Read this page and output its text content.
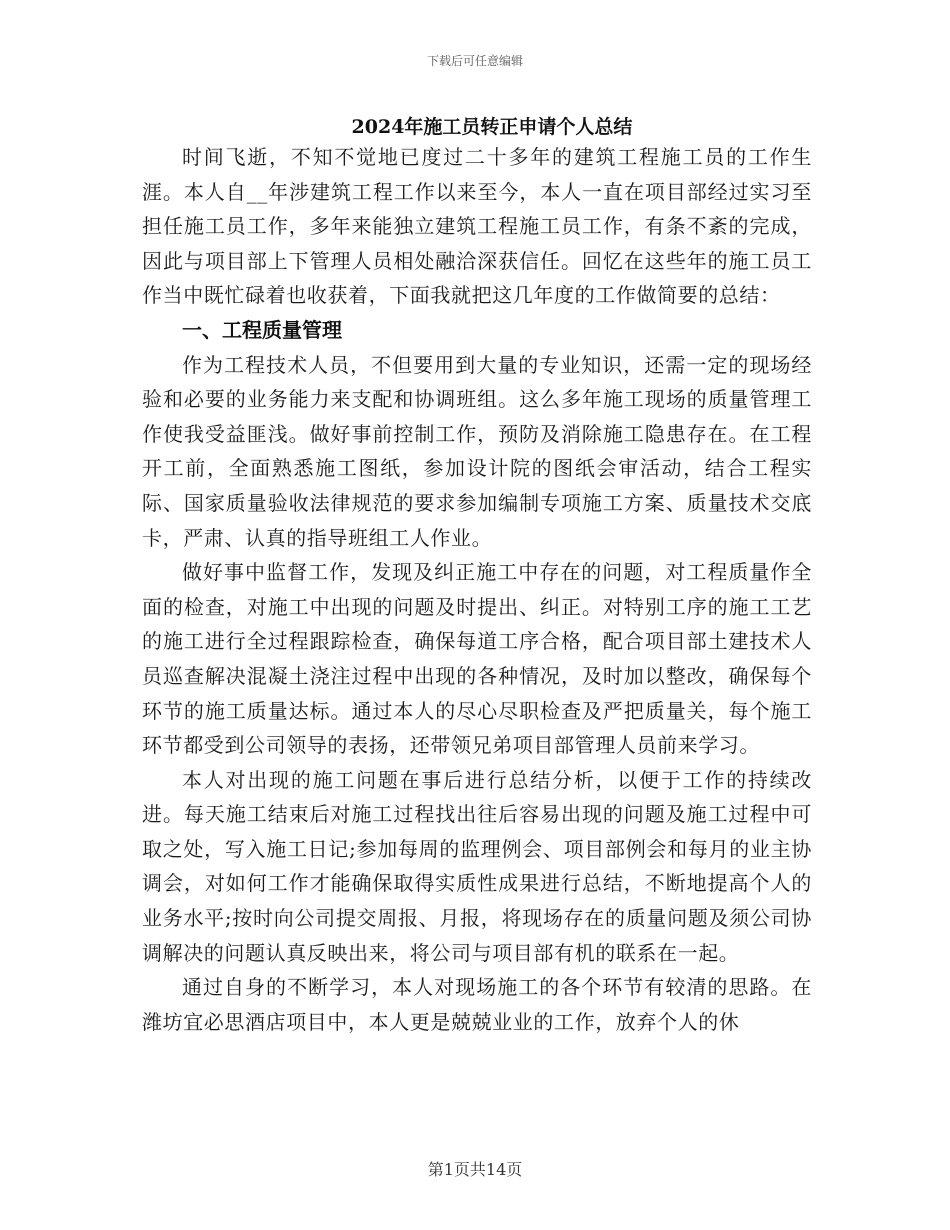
下载后可任意编辑
2024年施工员转正申请个人总结

时间飞逝，不知不觉地已度过二十多年的建筑工程施工员的工作生涯。本人自__年涉建筑工程工作以来至今，本人一直在项目部经过实习至担任施工员工作，多年来能独立建筑工程施工员工作，有条不紊的完成，因此与项目部上下管理人员相处融洽深获信任。回忆在这些年的施工员工作当中既忙碌着也收获着，下面我就把这几年度的工作做简要的总结：

一、工程质量管理

作为工程技术人员，不但要用到大量的专业知识，还需一定的现场经验和必要的业务能力来支配和协调班组。这么多年施工现场的质量管理工作使我受益匪浅。做好事前控制工作，预防及消除施工隐患存在。在工程开工前，全面熟悉施工图纸，参加设计院的图纸会审活动，结合工程实际、国家质量验收法律规范的要求参加编制专项施工方案、质量技术交底卡，严肃、认真的指导班组工人作业。

做好事中监督工作，发现及纠正施工中存在的问题，对工程质量作全面的检查，对施工中出现的问题及时提出、纠正。对特别工序的施工工艺的施工进行全过程跟踪检查，确保每道工序合格，配合项目部土建技术人员巡查解决混凝土浇注过程中出现的各种情况，及时加以整改，确保每个环节的施工质量达标。通过本人的尽心尽职检查及严把质量关，每个施工环节都受到公司领导的表扬，还带领兄弟项目部管理人员前来学习。

本人对出现的施工问题在事后进行总结分析，以便于工作的持续改进。每天施工结束后对施工过程找出往后容易出现的问题及施工过程中可取之处，写入施工日记;参加每周的监理例会、项目部例会和每月的业主协调会，对如何工作才能确保取得实质性成果进行总结，不断地提高个人的业务水平;按时向公司提交周报、月报，将现场存在的质量问题及须公司协调解决的问题认真反映出来，将公司与项目部有机的联系在一起。

通过自身的不断学习，本人对现场施工的各个环节有较清的思路。在潍坊宜必思酒店项目中，本人更是兢兢业业的工作，放弃个人的休

第1页共14页
